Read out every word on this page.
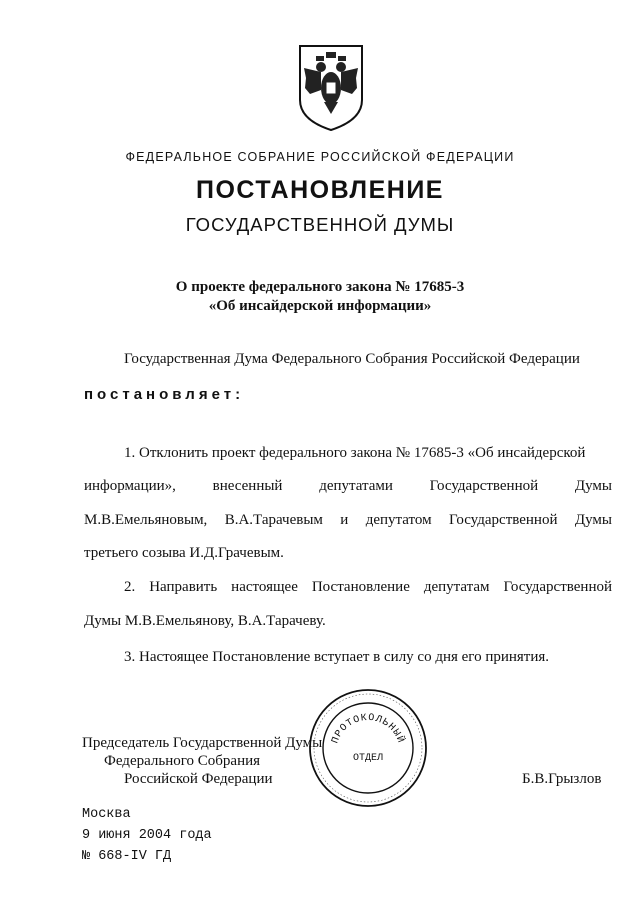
ФЕДЕРАЛЬНОЕ СОБРАНИЕ РОССИЙСКОЙ ФЕДЕРАЦИИ
ПОСТАНОВЛЕНИЕ
ГОСУДАРСТВЕННОЙ ДУМЫ
О проекте федерального закона № 17685-3
«Об инсайдерской информации»
Государственная Дума Федерального Собрания Российской Федерации
постановляет:
1. Отклонить проект федерального закона № 17685-3 «Об инсайдерской
информации», внесенный депутатами Государственной Думы
М.В.Емельяновым, В.А.Тарачевым и депутатом Государственной Думы
третьего созыва И.Д.Грачевым.
2. Направить настоящее Постановление депутатам Государственной
Думы М.В.Емельянову, В.А.Тарачеву.
3. Настоящее Постановление вступает в силу со дня его принятия.
Председатель Государственной Думы
Федерального Собрания
Российской Федерации	Б.В.Грызлов
ПРОТОКОЛЬНЫЙ
ОТДЕЛ
Москва
9 июня 2004 года
№ 668-IV ГД
